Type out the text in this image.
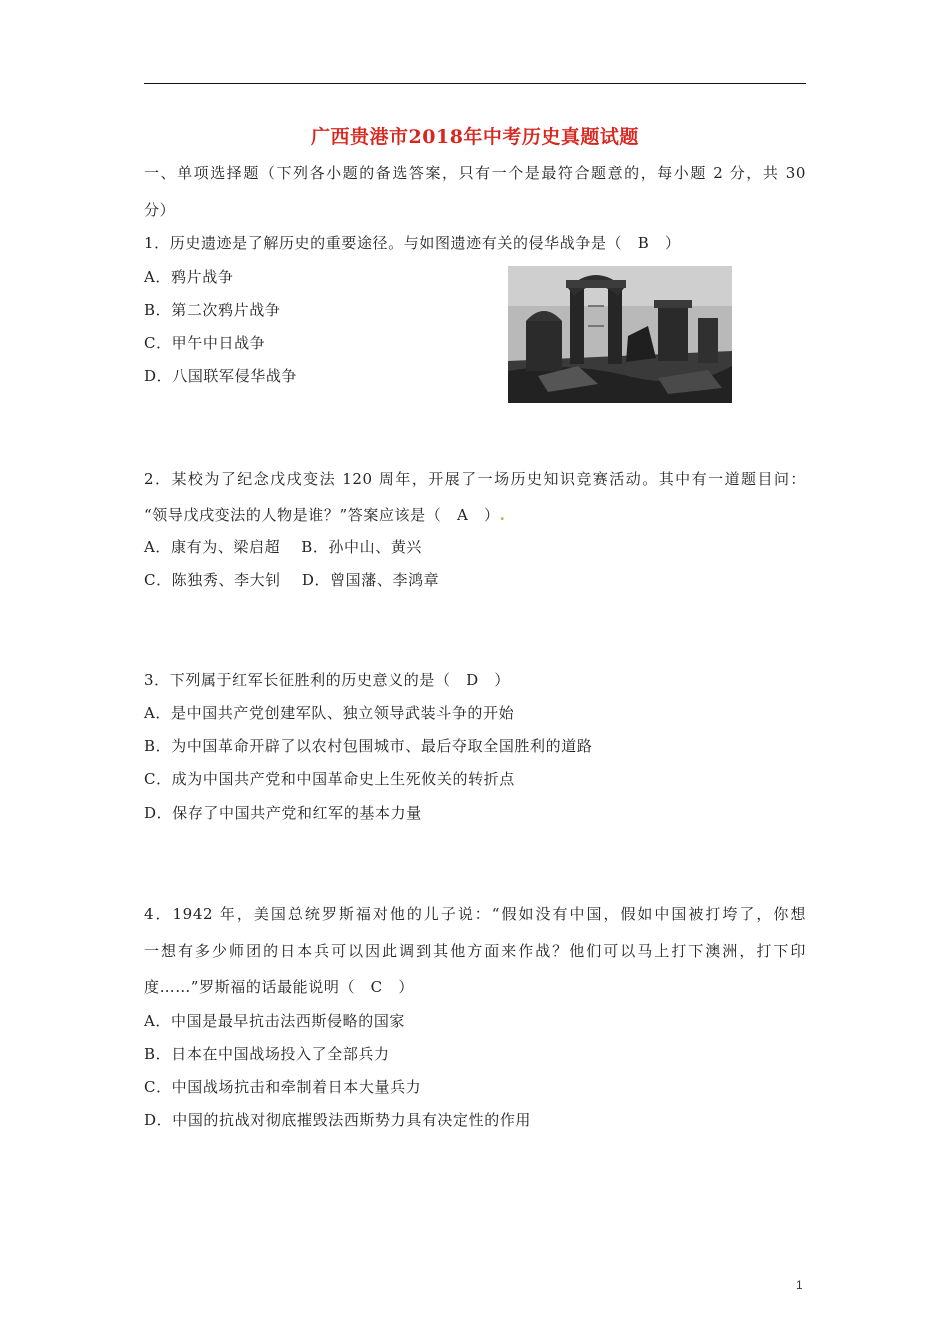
广西贵港市2018年中考历史真题试题
一、单项选择题（下列各小题的备选答案，只有一个是最符合题意的，每小题 2 分，共 30
分）
1．历史遗迹是了解历史的重要途径。与如图遗迹有关的侵华战争是（　B　）
A．鸦片战争
B．第二次鸦片战争
C．甲午中日战争
D．八国联军侵华战争
2．某校为了纪念戊戌变法 120 周年，开展了一场历史知识竞赛活动。其中有一道题目问：
“领导戊戌变法的人物是谁？”答案应该是（　A　）.
A．康有为、梁启超　 B．孙中山、黄兴
C．陈独秀、李大钊　 D．曾国藩、李鸿章
3．下列属于红军长征胜利的历史意义的是（　D　）
A．是中国共产党创建军队、独立领导武装斗争的开始
B．为中国革命开辟了以农村包围城市、最后夺取全国胜利的道路
C．成为中国共产党和中国革命史上生死攸关的转折点
D．保存了中国共产党和红军的基本力量
4．1942 年，美国总统罗斯福对他的儿子说：“假如没有中国，假如中国被打垮了，你想
一想有多少师团的日本兵可以因此调到其他方面来作战？他们可以马上打下澳洲，打下印
度……”罗斯福的话最能说明（　C　）
A．中国是最早抗击法西斯侵略的国家
B．日本在中国战场投入了全部兵力
C．中国战场抗击和牵制着日本大量兵力
D．中国的抗战对彻底摧毁法西斯势力具有决定性的作用
1
